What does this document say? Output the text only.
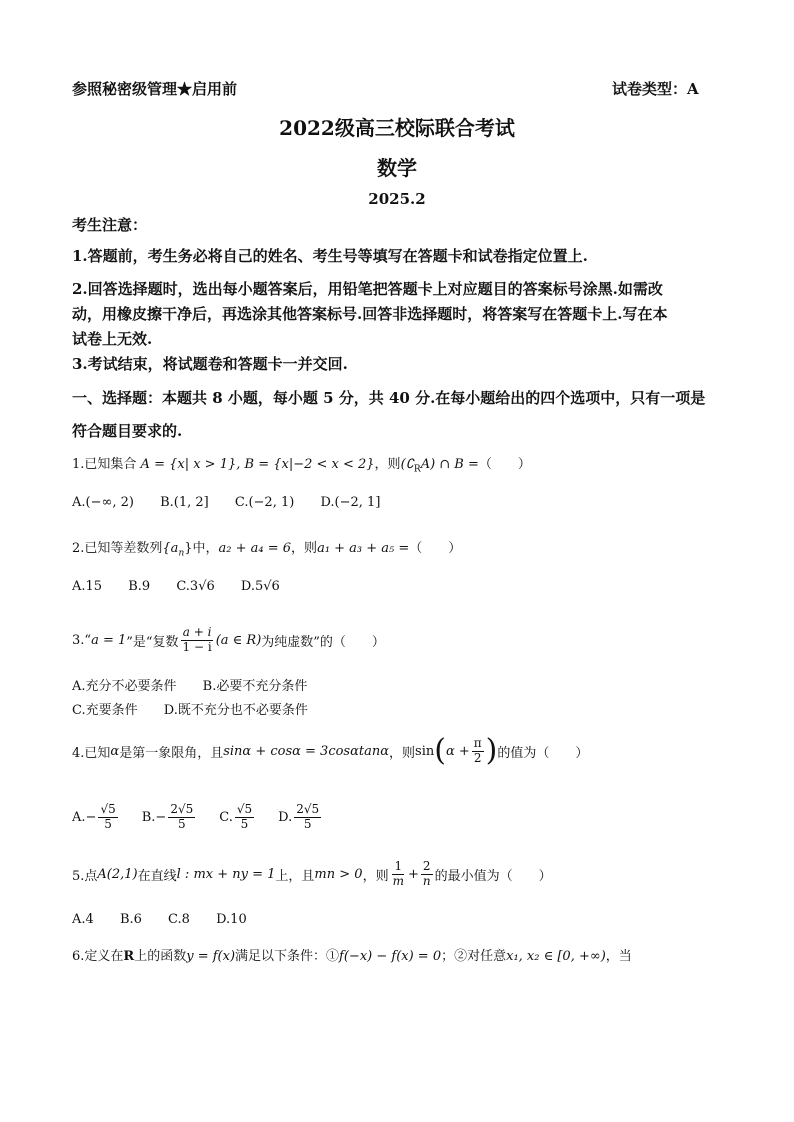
参照秘密级管理★启用前	试卷类型：A
2022级高三校际联合考试
数学
2025.2
考生注意：
1.答题前，考生务必将自己的姓名、考生号等填写在答题卡和试卷指定位置上.
2.回答选择题时，选出每小题答案后，用铅笔把答题卡上对应题目的答案标号涂黑.如需改
动，用橡皮擦干净后，再选涂其他答案标号.回答非选择题时，将答案写在答题卡上.写在本
试卷上无效.
3.考试结束，将试题卷和答题卡一并交回.
一、选择题：本题共 8 小题，每小题 5 分，共 40 分.在每小题给出的四个选项中，只有一项是
符合题目要求的.
1.已知集合 A = {x| x > 1}, B = {x|−2 < x < 2}，则$(∁_RA)$ ∩ B =（　　）
A.(−∞, 2) B.(1, 2] C.(−2, 1) D.(−2, 1]
2.已知等差数列$\{a_n\}$中，a₂ + a₄ = 6，则a₁ + a₃ + a₅ =（　　）
A.15 B.9 C.3√6 D.5√6
3.“ a = 1 ”是“复数 $\frac{a + i}{1 - i} (a$ ∈ R) 为纯虚数”的（　　）
A.充分不必要条件 B.必要不充分条件
C.充要条件 D.既不充分也不必要条件
4.已知 α 是第一象限角，且 sinα + cosα = 3cosαtanα ，则 sin ( $\alpha + \frac{\pi}{2}$ ) 的值为（　　）
$A.- \frac{√5}{5} B.- \frac{2√5}{5} C$. $\frac{√5}{5} D$. $\frac{2√5}{5}$
5.点 A(2,1) 在直线 l : mx + ny = 1 上，且 mn > 0 ，则 $\frac{1}{m} + \frac{2}{n}$ 的最小值为（　　）
A.4 B.6 C.8 D.10
6.定义在R上的函数y = f(x)满足以下条件：①f(−x) − f(x) = 0；②对任意x₁, x₂ ∈ [0, +∞)，当
